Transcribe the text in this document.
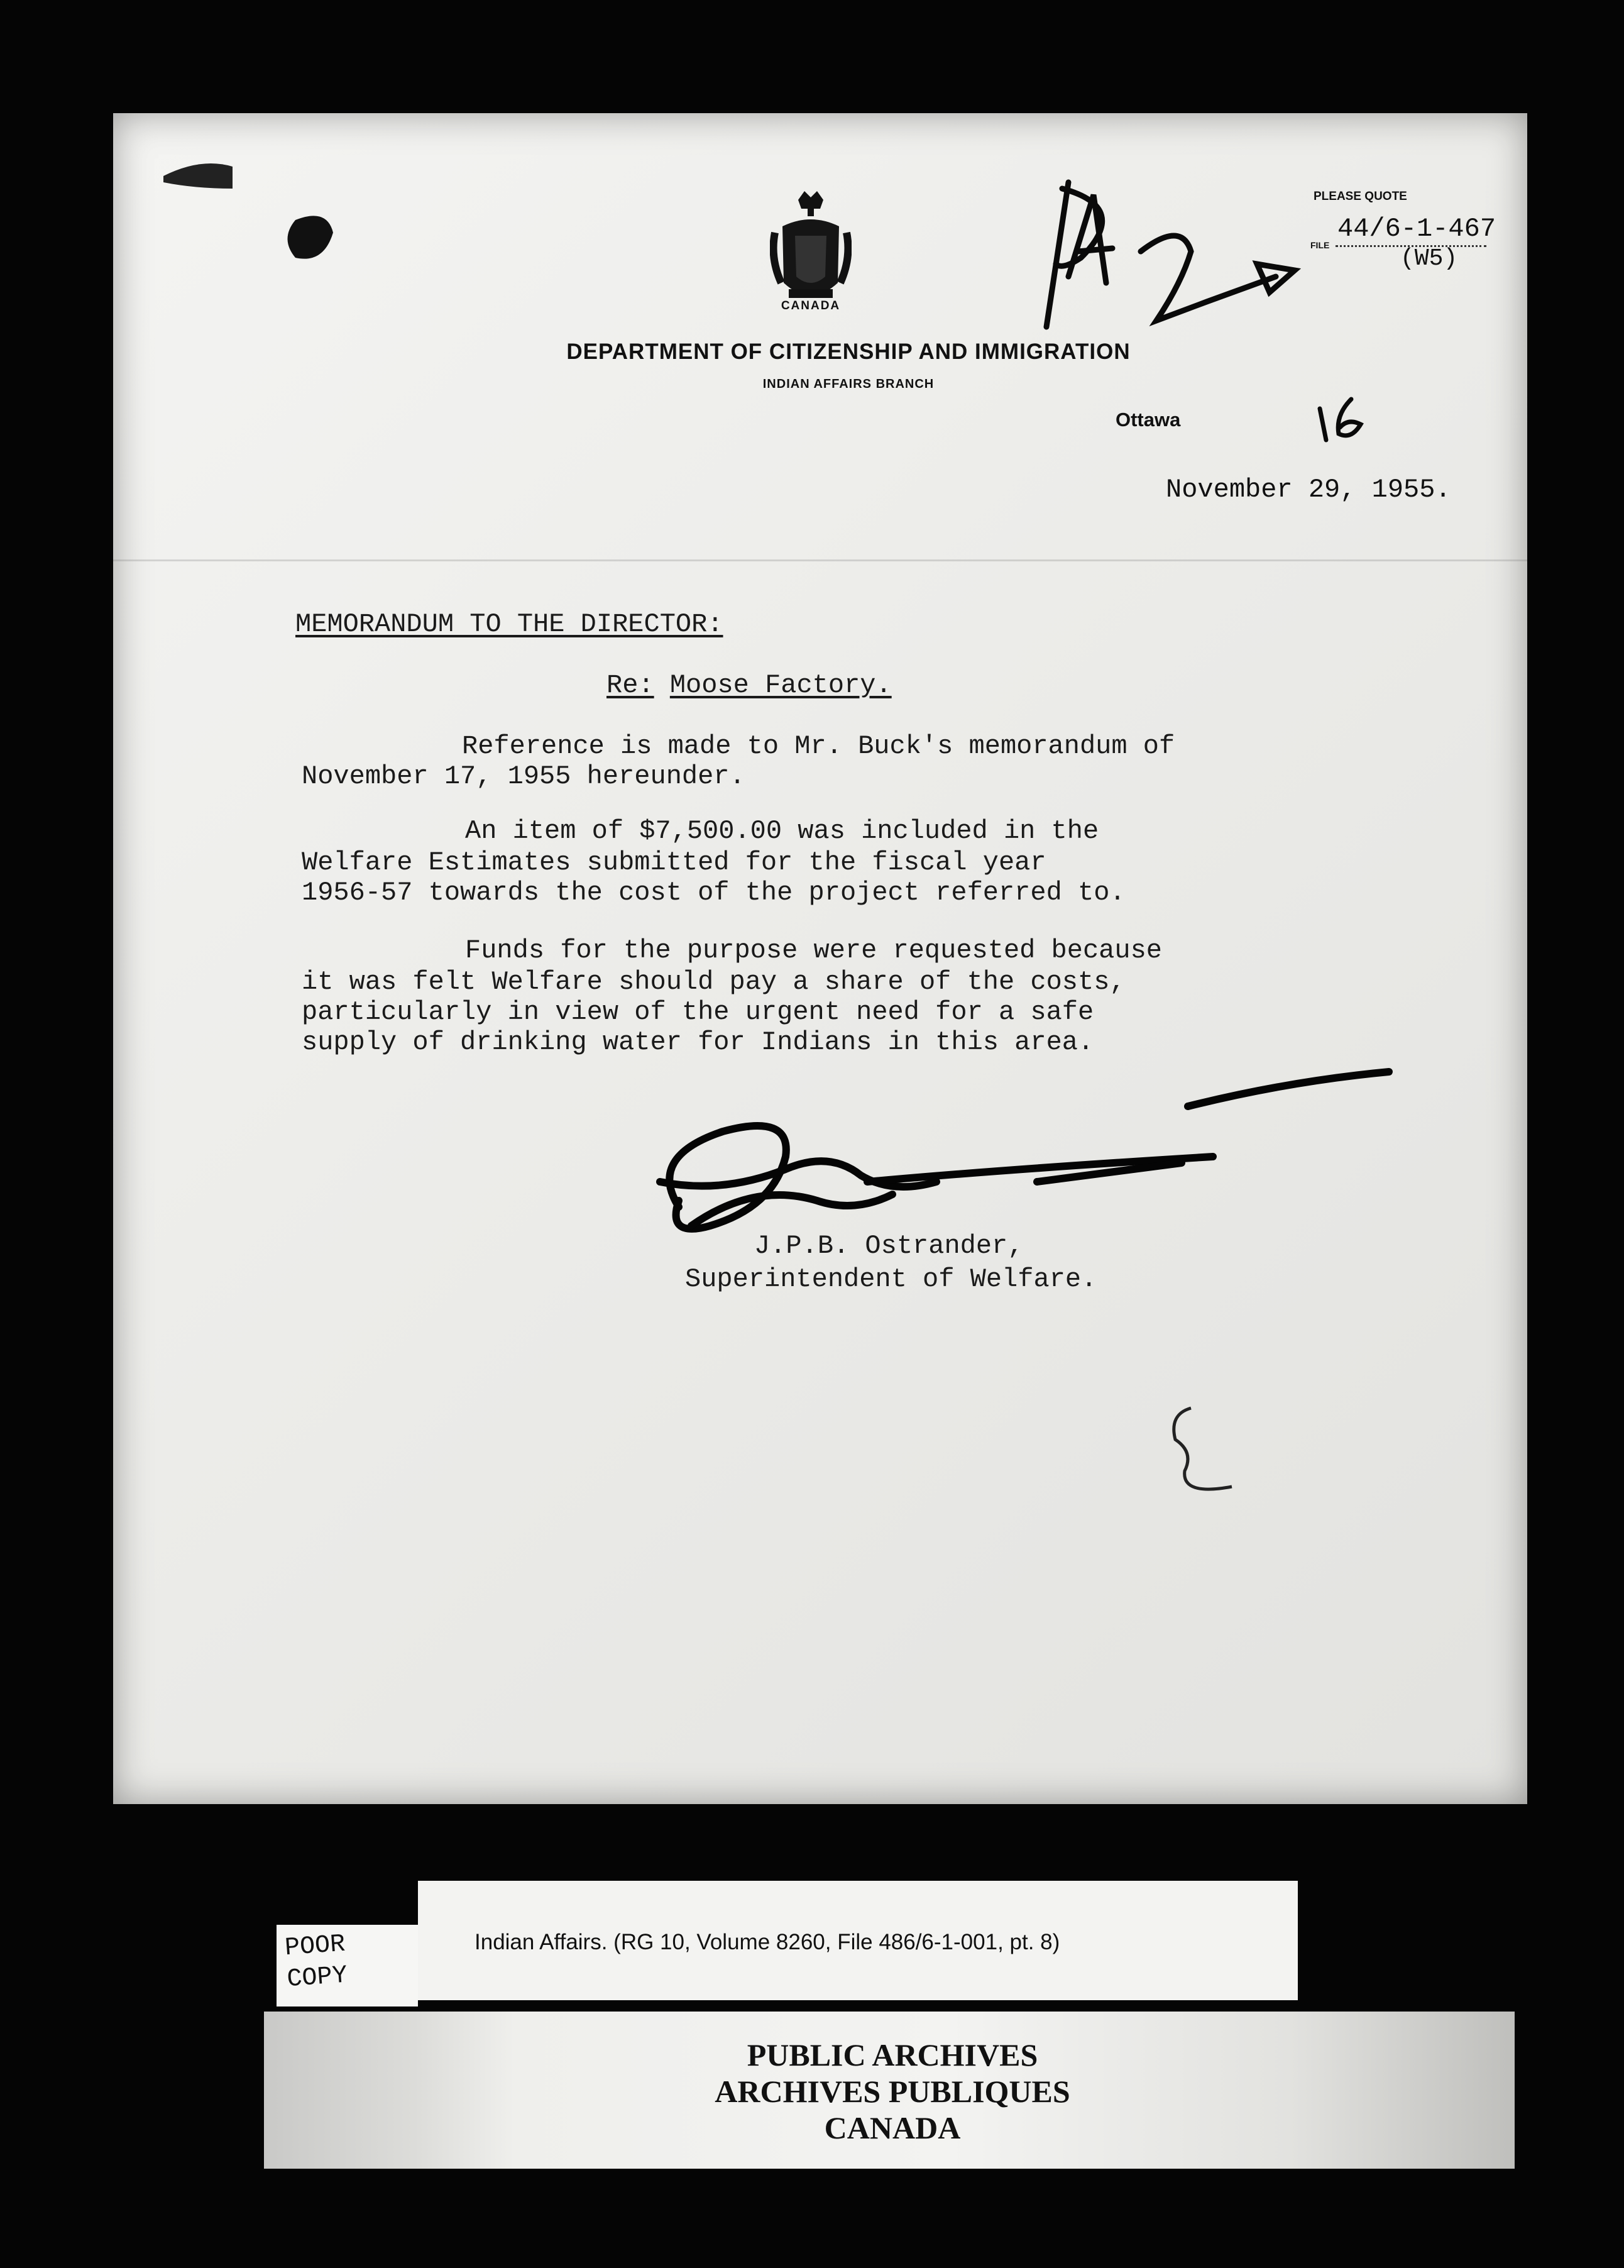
CANADA
DEPARTMENT OF CITIZENSHIP AND IMMIGRATION
INDIAN AFFAIRS BRANCH
PLEASE QUOTE
FILE
44/6-1-467
(W5)
Ottawa
November 29, 1955.
MEMORANDUM TO THE DIRECTOR:
Re: Moose Factory.
Reference is made to Mr. Buck's memorandum of
November 17, 1955 hereunder.
An item of $7,500.00 was included in the
Welfare Estimates submitted for the fiscal year
1956-57 towards the cost of the project referred to.
Funds for the purpose were requested because
it was felt Welfare should pay a share of the costs,
particularly in view of the urgent need for a safe
supply of drinking water for Indians in this area.
J.P.B. Ostrander,
Superintendent of Welfare.
Indian Affairs. (RG 10, Volume 8260, File 486/6-1-001, pt. 8)
POOR
COPY
PUBLIC ARCHIVES
ARCHIVES PUBLIQUES
CANADA
